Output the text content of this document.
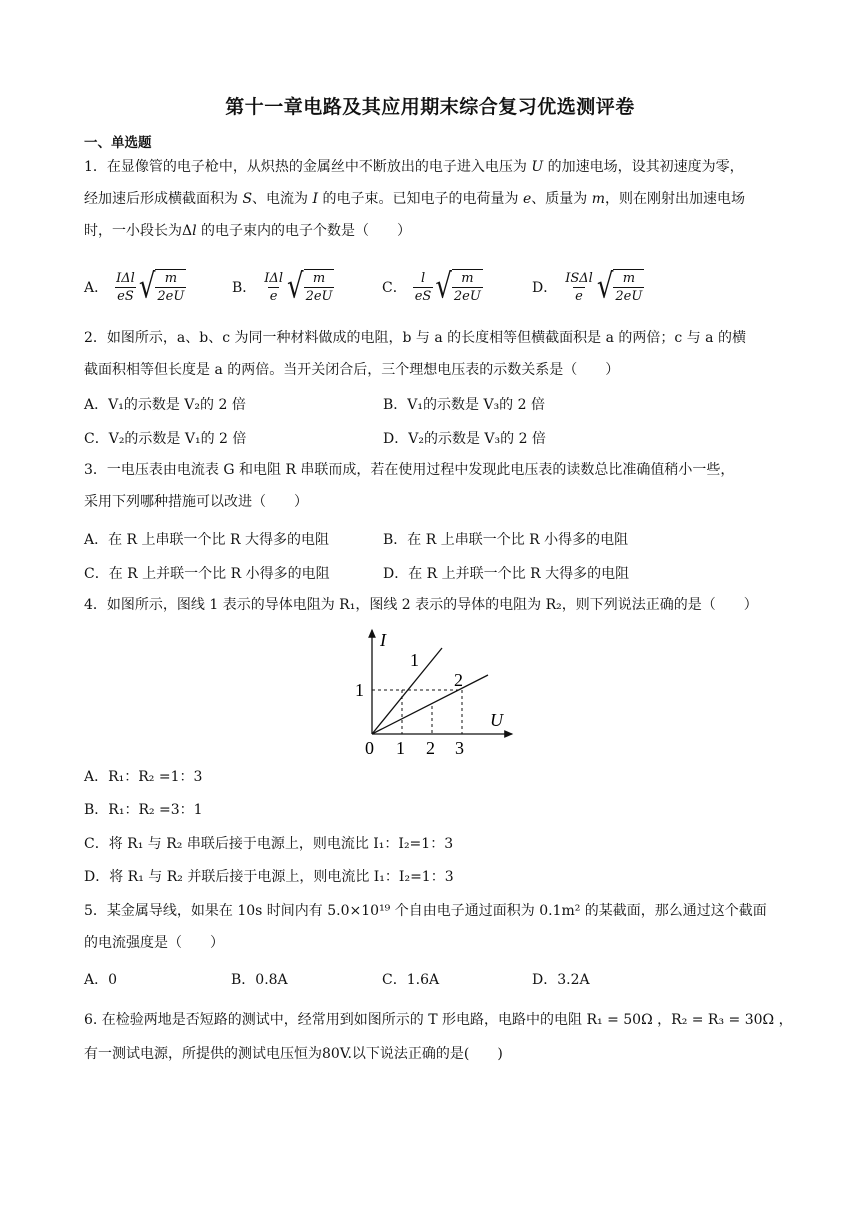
第十一章电路及其应用期末综合复习优选测评卷
一、单选题
1．在显像管的电子枪中，从炽热的金属丝中不断放出的电子进入电压为 U 的加速电场，设其初速度为零，
经加速后形成横截面积为 S、电流为 I 的电子束。已知电子的电荷量为 e、质量为 m，则在刚射出加速电场
时，一小段长为Δl 的电子束内的电子个数是（　　）
A． $\frac{\text{IΔl}}{eS}$ √ $\frac{m}{2eU}$	B． $\frac{\text{IΔl}}{e}$ √ $\frac{m}{2eU}$	C． $\frac{l}{eS}$ √ $\frac{m}{2eU}$	D． $\frac{\text{ISΔl}}{e}$ √ $\frac{m}{2eU}$
2．如图所示，a、b、c 为同一种材料做成的电阻，b 与 a 的长度相等但横截面积是 a 的两倍；c 与 a 的横
截面积相等但长度是 a 的两倍。当开关闭合后，三个理想电压表的示数关系是（　　）
A．V₁的示数是 V₂的 2 倍	B．V₁的示数是 V₃的 2 倍
C．V₂的示数是 V₁的 2 倍	D．V₂的示数是 V₃的 2 倍
3．一电压表由电流表 G 和电阻 R 串联而成，若在使用过程中发现此电压表的读数总比准确值稍小一些，
采用下列哪种措施可以改进（　　）
A．在 R 上串联一个比 R 大得多的电阻	B．在 R 上串联一个比 R 小得多的电阻
C．在 R 上并联一个比 R 小得多的电阻	D．在 R 上并联一个比 R 大得多的电阻
4．如图所示，图线 1 表示的导体电阻为 R₁，图线 2 表示的导体的电阻为 R₂，则下列说法正确的是（　　）
I
U
1
2
1
0 1 2 3
A．R₁：R₂ =1：3
B．R₁：R₂ =3：1
C．将 R₁ 与 R₂ 串联后接于电源上，则电流比 I₁：I₂=1：3
D．将 R₁ 与 R₂ 并联后接于电源上，则电流比 I₁：I₂=1：3
5．某金属导线，如果在 10s 时间内有 5.0×10¹⁹ 个自由电子通过面积为 0.1m² 的某截面，那么通过这个截面
的电流强度是（　　）
A．0	B．0.8A	C．1.6A	D．3.2A
6. 在检验两地是否短路的测试中，经常用到如图所示的 T 形电路，电路中的电阻 R₁ = 50Ω ，R₂ = R₃ = 30Ω ，
有一测试电源，所提供的测试电压恒为80V.以下说法正确的是(　　)
